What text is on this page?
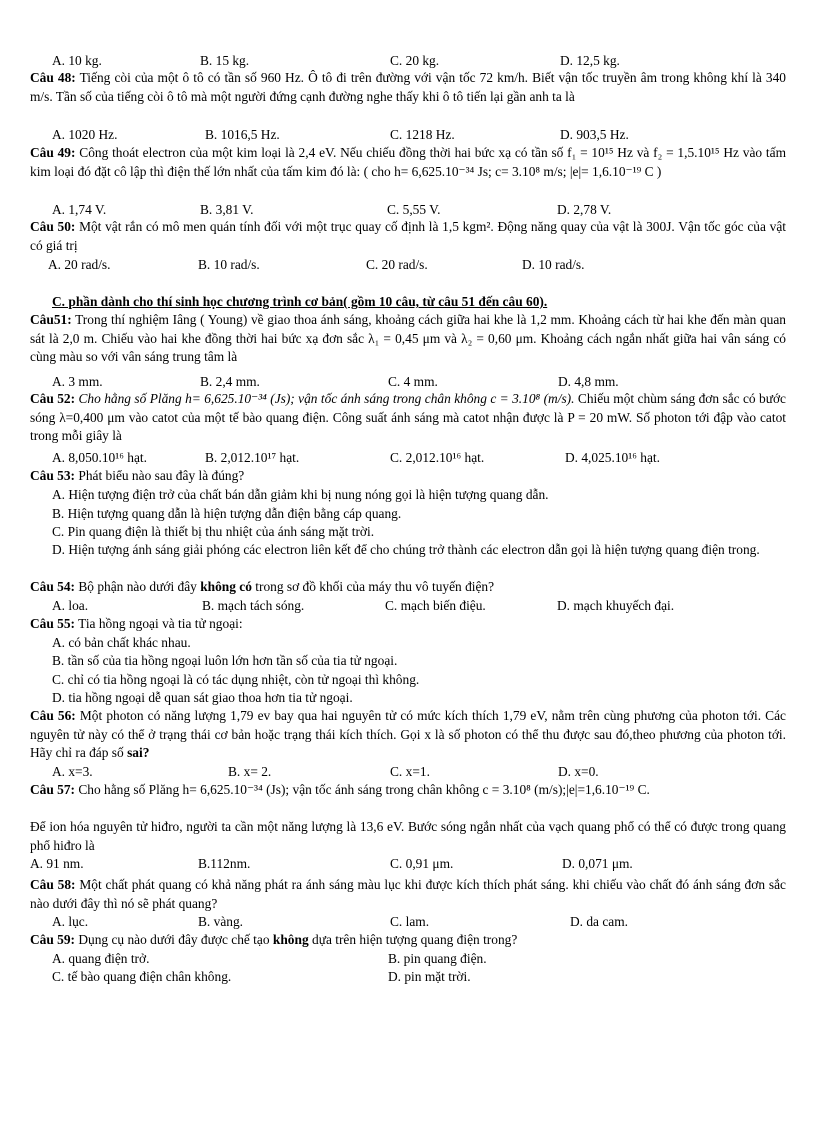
A. 10 kg.	B. 15 kg.	C. 20 kg.	D. 12,5 kg.
Câu 48: Tiếng còi của một ô tô có tần số 960 Hz. Ô tô đi trên đường với vận tốc 72 km/h. Biết vận tốc truyền âm trong không khí là 340 m/s. Tần số của tiếng còi ô tô mà một người đứng cạnh đường nghe thấy khi ô tô tiến lại gần anh ta là
A. 1020 Hz.	B. 1016,5 Hz.	C. 1218 Hz.	D. 903,5 Hz.
Câu 49: Công thoát electron của một kim loại là 2,4 eV. Nếu chiếu đồng thời hai bức xạ có tần số f₁ = 10¹⁵ Hz và f₂ = 1,5.10¹⁵ Hz vào tấm kim loại đó đặt cô lập thì điện thế lớn nhất của tấm kim đó là: ( cho h= 6,625.10⁻³⁴ Js; c= 3.10⁸ m/s; |e|= 1,6.10⁻¹⁹ C )
A. 1,74 V.	B. 3,81 V.	C. 5,55 V.	D. 2,78 V.
Câu 50: Một vật rắn có mô men quán tính đối với một trục quay cố định là 1,5 kgm². Động năng quay của vật là 300J. Vận tốc góc của vật có giá trị
A. 20 rad/s.	B. 10 rad/s.	C. 20 rad/s.	D. 10 rad/s.
C. phần dành cho thí sinh học chương trình cơ bản( gồm 10 câu, từ câu 51 đến câu 60).
Câu51: Trong thí nghiệm Iâng ( Young) về giao thoa ánh sáng, khoảng cách giữa hai khe là 1,2 mm. Khoảng cách từ hai khe đến màn quan sát là 2,0 m. Chiếu vào hai khe đồng thời hai bức xạ đơn sắc λ₁ = 0,45 μm và λ₂ = 0,60 μm. Khoảng cách ngắn nhất giữa hai vân sáng có cùng màu so với vân sáng trung tâm là
A. 3 mm.	B. 2,4 mm.	C. 4 mm.	D. 4,8 mm.
Câu 52: Cho hằng số Plăng h= 6,625.10⁻³⁴ (Js); vận tốc ánh sáng trong chân không c = 3.10⁸ (m/s). Chiếu một chùm sáng đơn sắc có bước sóng λ=0,400 μm vào catot của một tế bào quang điện. Công suất ánh sáng mà catot nhận được là P = 20 mW. Số photon tới đập vào catot trong mỗi giây là
A. 8,050.10¹⁶ hạt.	B. 2,012.10¹⁷ hạt.	C. 2,012.10¹⁶ hạt.	D. 4,025.10¹⁶ hạt.
Câu 53: Phát biểu nào sau đây là đúng?
A. Hiện tượng điện trở của chất bán dẫn giảm khi bị nung nóng gọi là hiện tượng quang dẫn.
B. Hiện tượng quang dẫn là hiện tượng dẫn điện bằng cáp quang.
C. Pin quang điện là thiết bị thu nhiệt của ánh sáng mặt trời.
D. Hiện tượng ánh sáng giải phóng các electron liên kết để cho chúng trở thành các electron dẫn gọi là hiện tượng quang điện trong.
Câu 54: Bộ phận nào dưới đây không có trong sơ đồ khối của máy thu vô tuyến điện?
A. loa.	B. mạch tách sóng.	C. mạch biến điệu.	D. mạch khuyếch đại.
Câu 55: Tia hồng ngoại và tia tử ngoại:
A. có bản chất khác nhau.
B. tần số của tia hồng ngoại luôn lớn hơn tần số của tia tử ngoại.
C. chỉ có tia hồng ngoại là có tác dụng nhiệt, còn tử ngoại thì không.
D. tia hồng ngoại dễ quan sát giao thoa hơn tia tử ngoại.
Câu 56: Một photon có năng lượng 1,79 ev bay qua hai nguyên tử có mức kích thích 1,79 eV, nằm trên cùng phương của photon tới. Các nguyên tử này có thể ở trạng thái cơ bản hoặc trạng thái kích thích. Gọi x là số photon có thể thu được sau đó,theo phương của photon tới. Hãy chỉ ra đáp số sai?
A. x=3.	B. x= 2.	C. x=1.	D. x=0.
Câu 57: Cho hằng số Plăng h= 6,625.10⁻³⁴ (Js); vận tốc ánh sáng trong chân không c = 3.10⁸ (m/s);|e|=1,6.10⁻¹⁹ C.
Để ion hóa nguyên tử hiđro, người ta cần một năng lượng là 13,6 eV. Bước sóng ngắn nhất của vạch quang phổ có thể có được trong quang phổ hiđro là
A. 91 nm.	B.112nm.	C. 0,91 μm.	D. 0,071 μm.
Câu 58: Một chất phát quang có khả năng phát ra ánh sáng màu lục khi được kích thích phát sáng. khi chiếu vào chất đó ánh sáng đơn sắc nào dưới đây thì nó sẽ phát quang?
A. lục.	B. vàng.	C. lam.	D. da cam.
Câu 59: Dụng cụ nào dưới đây được chế tạo không dựa trên hiện tượng quang điện trong?
A. quang điện trở.	B. pin quang điện.
C. tế bào quang điện chân không.	D. pin mặt trời.
